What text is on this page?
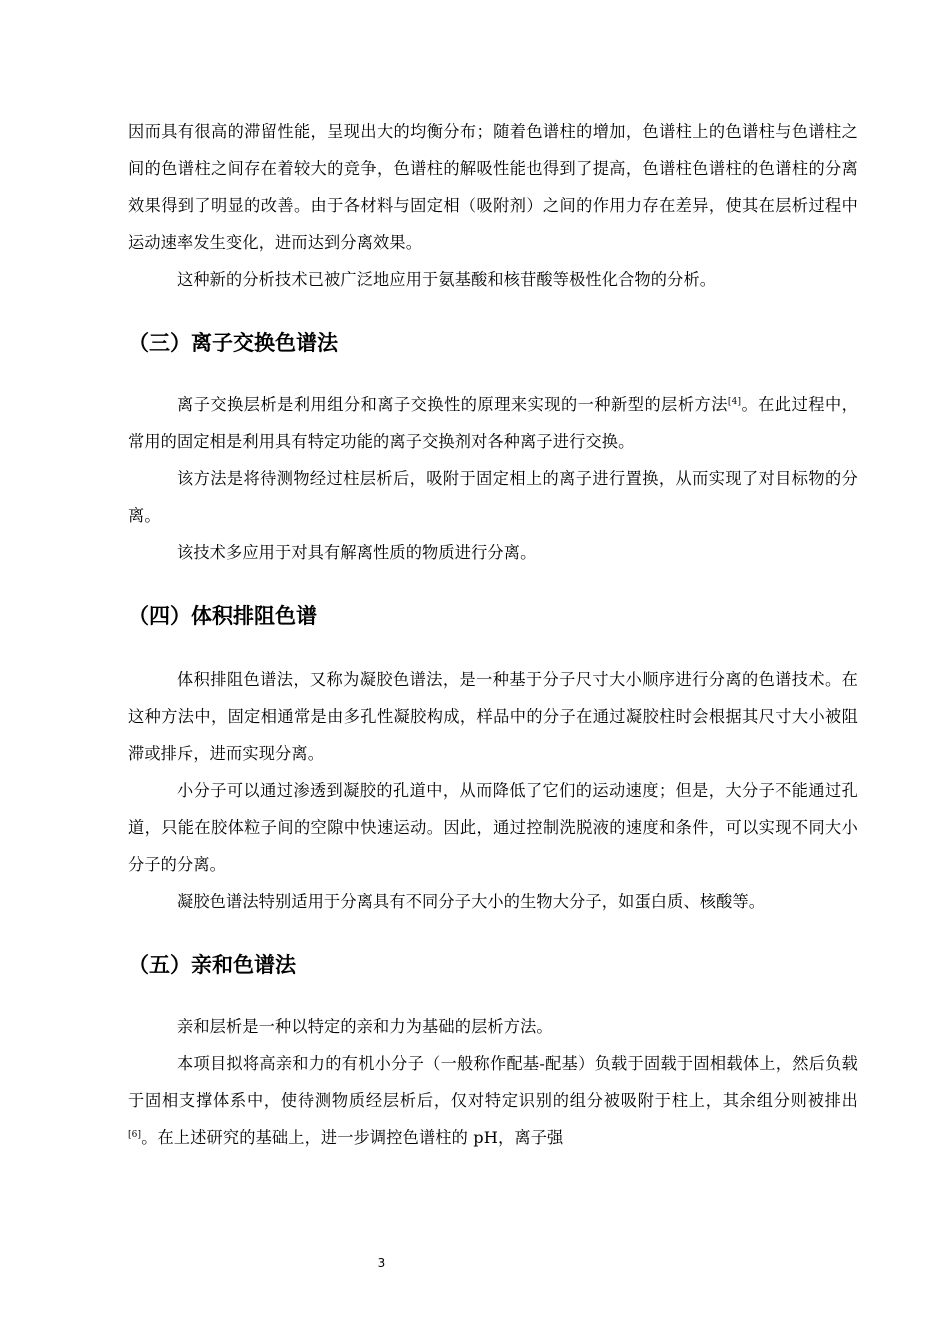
因而具有很高的滞留性能，呈现出大的均衡分布；随着色谱柱的增加，色谱柱上的色谱柱与色谱柱之间的色谱柱之间存在着较大的竞争，色谱柱的解吸性能也得到了提高，色谱柱色谱柱的色谱柱的分离效果得到了明显的改善。由于各材料与固定相（吸附剂）之间的作用力存在差异，使其在层析过程中运动速率发生变化，进而达到分离效果。

这种新的分析技术已被广泛地应用于氨基酸和核苷酸等极性化合物的分析。

（三）离子交换色谱法

离子交换层析是利用组分和离子交换性的原理来实现的一种新型的层析方法[4]。在此过程中，常用的固定相是利用具有特定功能的离子交换剂对各种离子进行交换。

该方法是将待测物经过柱层析后，吸附于固定相上的离子进行置换，从而实现了对目标物的分离。

该技术多应用于对具有解离性质的物质进行分离。

（四）体积排阻色谱

体积排阻色谱法，又称为凝胶色谱法，是一种基于分子尺寸大小顺序进行分离的色谱技术。在这种方法中，固定相通常是由多孔性凝胶构成，样品中的分子在通过凝胶柱时会根据其尺寸大小被阻滞或排斥，进而实现分离。

小分子可以通过渗透到凝胶的孔道中，从而降低了它们的运动速度；但是，大分子不能通过孔道，只能在胶体粒子间的空隙中快速运动。因此，通过控制洗脱液的速度和条件，可以实现不同大小分子的分离。

凝胶色谱法特别适用于分离具有不同分子大小的生物大分子，如蛋白质、核酸等。

（五）亲和色谱法

亲和层析是一种以特定的亲和力为基础的层析方法。

本项目拟将高亲和力的有机小分子（一般称作配基-配基）负载于固载于固相载体上，然后负载于固相支撑体系中，使待测物质经层析后，仅对特定识别的组分被吸附于柱上，其余组分则被排出[6]。在上述研究的基础上，进一步调控色谱柱的 pH，离子强

3
